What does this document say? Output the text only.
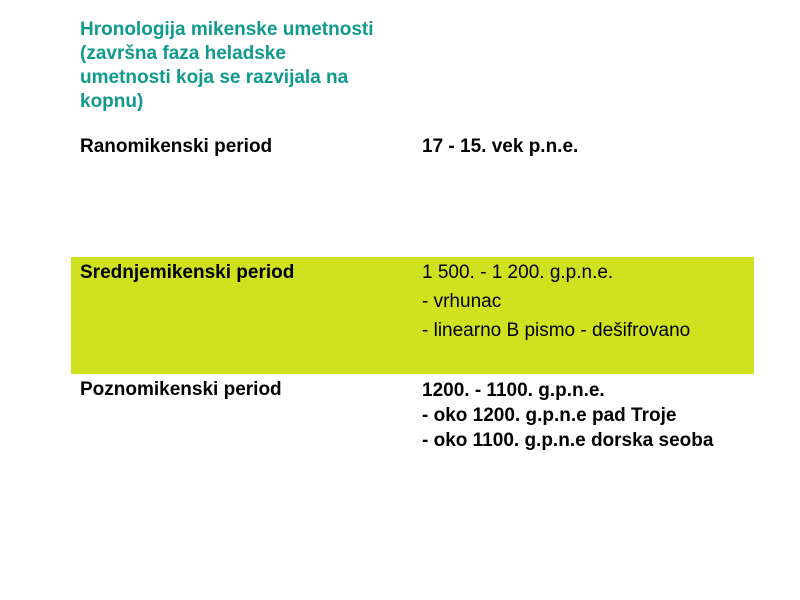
Hronologija mikenske umetnosti (završna faza heladske umetnosti koja se razvijala na kopnu)
Ranomikenski period	17 - 15. vek p.n.e.
Srednjemikenski period	1 500. - 1 200. g.p.n.e.
- vrhunac
- linearno B pismo - dešifrovano
Poznomikenski period	1200. - 1100. g.p.n.e.
- oko 1200. g.p.n.e pad Troje
- oko 1100. g.p.n.e dorska seoba
